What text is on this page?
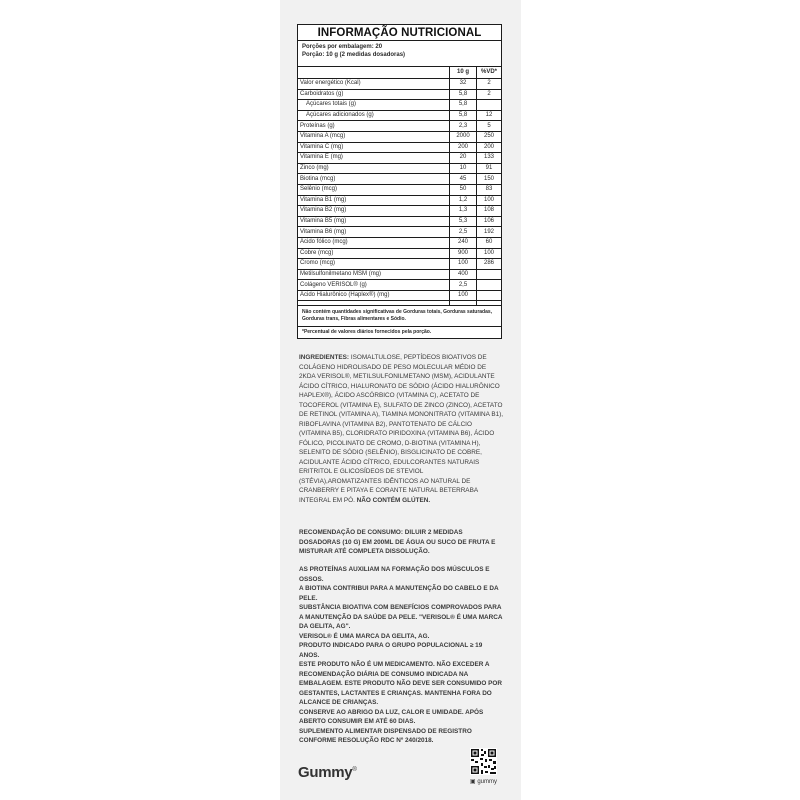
INFORMAÇÃO NUTRICIONAL
Porções por embalagem: 20
Porção: 10 g (2 medidas dosadoras)
	10 g	%VD*
Valor energético (Kcal)	32	2
Carboidratos (g)	5,8	2
Açúcares totais (g)	5,8	
Açúcares adicionados (g)	5,8	12
Proteínas (g)	2,3	5
Vitamina A (mcg)	2000	250
Vitamina C (mg)	200	200
Vitamina E (mg)	20	133
Zinco (mg)	10	91
Biotina (mcg)	45	150
Selênio (mcg)	50	83
Vitamina B1 (mg)	1,2	100
Vitamina B2 (mg)	1,3	108
Vitamina B5 (mg)	5,3	106
Vitamina B6 (mg)	2,5	192
Ácido fólico (mcg)	240	60
Cobre (mcg)	900	100
Cromo (mcg)	100	286
Metilsulfonilmetano MSM (mg)	400	
Colágeno VERISOL® (g)	2,5	
Ácido Hialurônico (Haplex®) (mg)	100	

Não contém quantidades significativas de Gorduras totais, Gorduras saturadas, Gorduras trans, Fibras alimentares e Sódio.
*Percentual de valores diários fornecidos pela porção.
INGREDIENTES: ISOMALTULOSE, PEPTÍDEOS BIOATIVOS DE COLÁGENO HIDROLISADO DE PESO MOLECULAR MÉDIO DE 2KDA VERISOL®, METILSULFONILMETANO (MSM), ACIDULANTE ÁCIDO CÍTRICO, HIALURONATO DE SÓDIO (ÁCIDO HIALURÔNICO HAPLEX®), ÁCIDO ASCÓRBICO (VITAMINA C), ACETATO DE TOCOFEROL (VITAMINA E), SULFATO DE ZINCO (ZINCO), ACETATO DE RETINOL (VITAMINA A), TIAMINA MONONITRATO (VITAMINA B1), RIBOFLAVINA (VITAMINA B2), PANTOTENATO DE CÁLCIO (VITAMINA B5), CLORIDRATO PIRIDOXINA (VITAMINA B6), ÁCIDO FÓLICO, PICOLINATO DE CROMO, D-BIOTINA (VITAMINA H), SELENITO DE SÓDIO (SELÊNIO), BISGLICINATO DE COBRE, ACIDULANTE ÁCIDO CÍTRICO, EDULCORANTES NATURAIS ERITRITOL E GLICOSÍDEOS DE STEVIOL (STÉVIA),AROMATIZANTES IDÊNTICOS AO NATURAL DE CRANBERRY E PITAYA E CORANTE NATURAL BETERRABA INTEGRAL EM PÓ. NÃO CONTÉM GLÚTEN.
RECOMENDAÇÃO DE CONSUMO: DILUIR 2 MEDIDAS DOSADORAS (10 G) EM 200ML DE ÁGUA OU SUCO DE FRUTA E MISTURAR ATÉ COMPLETA DISSOLUÇÃO.

AS PROTEÍNAS AUXILIAM NA FORMAÇÃO DOS MÚSCULOS E OSSOS.

A BIOTINA CONTRIBUI PARA A MANUTENÇÃO DO CABELO E DA PELE.

SUBSTÂNCIA BIOATIVA COM BENEFÍCIOS COMPROVADOS PARA A MANUTENÇÃO DA SAÚDE DA PELE. "VERISOL® É UMA MARCA DA GELITA, AG".

VERISOL® É UMA MARCA DA GELITA, AG.

PRODUTO INDICADO PARA O GRUPO POPULACIONAL ≥ 19 ANOS.

ESTE PRODUTO NÃO É UM MEDICAMENTO. NÃO EXCEDER A RECOMENDAÇÃO DIÁRIA DE CONSUMO INDICADA NA EMBALAGEM. ESTE PRODUTO NÃO DEVE SER CONSUMIDO POR GESTANTES, LACTANTES E CRIANÇAS. MANTENHA FORA DO ALCANCE DE CRIANÇAS.

CONSERVE AO ABRIGO DA LUZ, CALOR E UMIDADE. APÓS ABERTO CONSUMIR EM ATÉ 60 DIAS.

SUPLEMENTO ALIMENTAR DISPENSADO DE REGISTRO CONFORME RESOLUÇÃO RDC Nº 240/2018.

Gummy®
▣ gummy
